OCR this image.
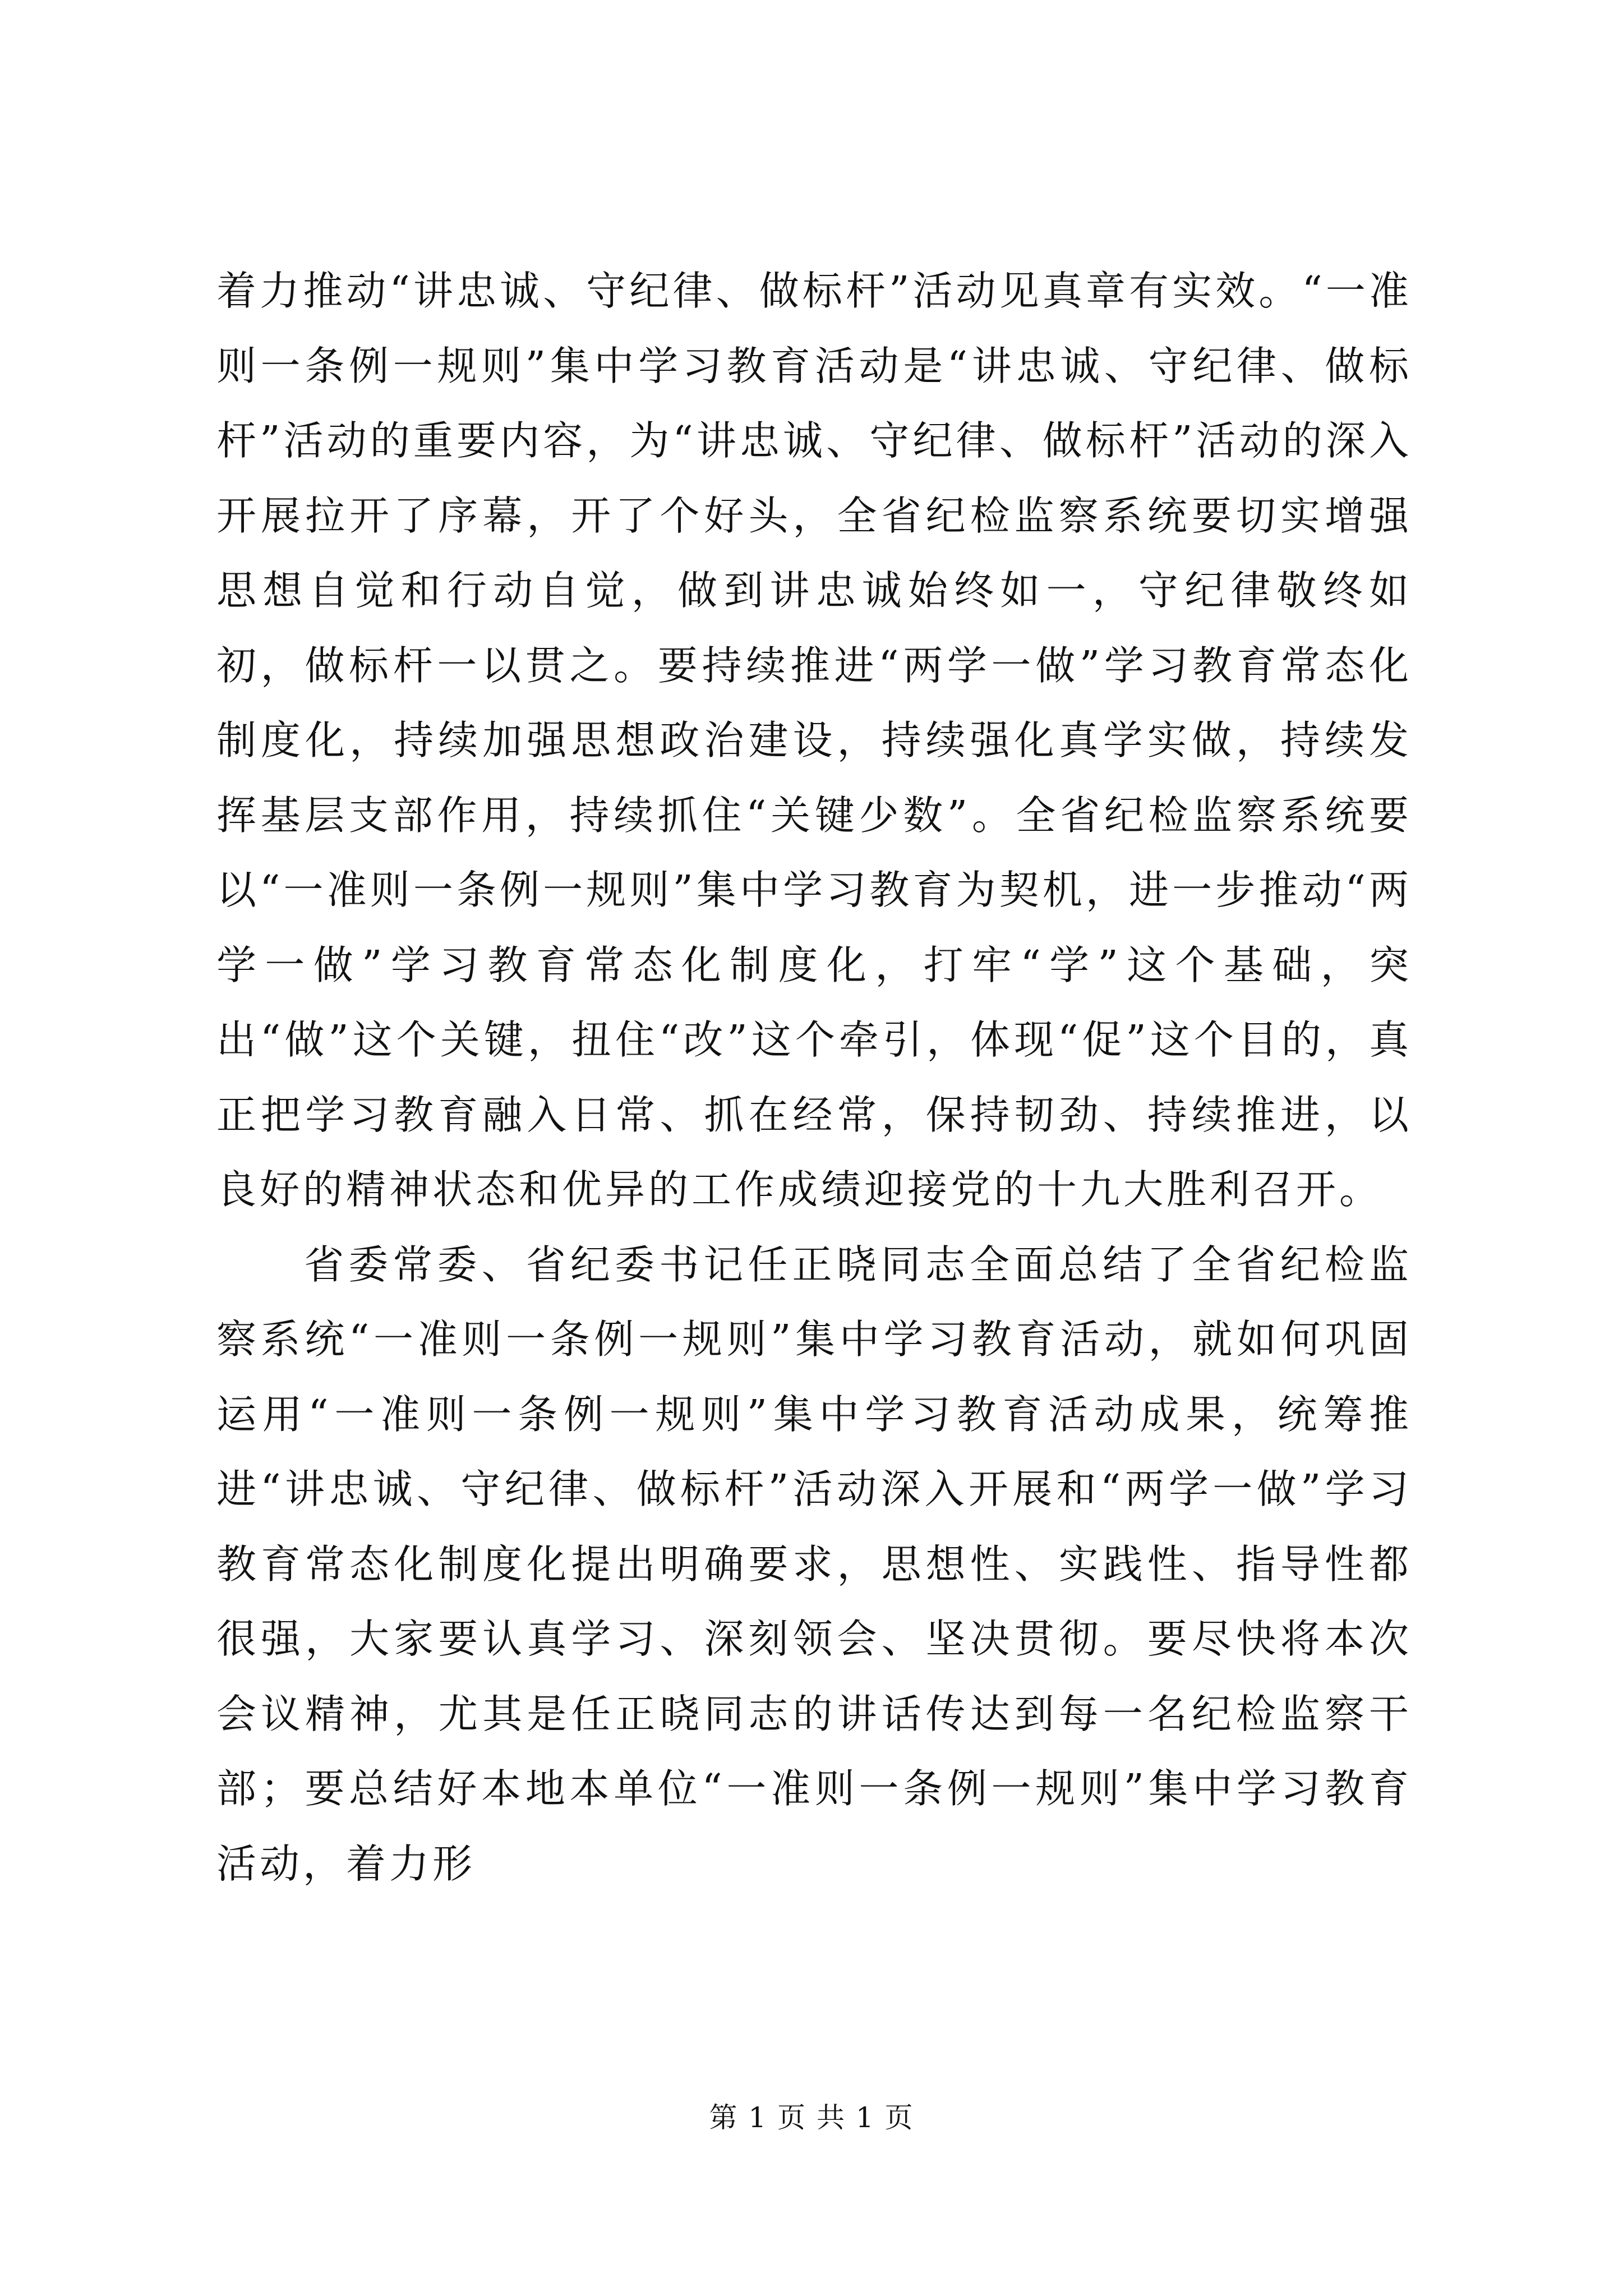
着力推动“讲忠诚、守纪律、做标杆”活动见真章有实效。“一准则一条例一规则”集中学习教育活动是“讲忠诚、守纪律、做标杆”活动的重要内容，为“讲忠诚、守纪律、做标杆”活动的深入开展拉开了序幕，开了个好头，全省纪检监察系统要切实增强思想自觉和行动自觉，做到讲忠诚始终如一，守纪律敬终如初，做标杆一以贯之。要持续推进“两学一做”学习教育常态化制度化，持续加强思想政治建设，持续强化真学实做，持续发挥基层支部作用，持续抓住“关键少数”。全省纪检监察系统要以“一准则一条例一规则”集中学习教育为契机，进一步推动“两学一做”学习教育常态化制度化，打牢“学”这个基础，突出“做”这个关键，扭住“改”这个牵引，体现“促”这个目的，真正把学习教育融入日常、抓在经常，保持韧劲、持续推进，以良好的精神状态和优异的工作成绩迎接党的十九大胜利召开。

省委常委、省纪委书记任正晓同志全面总结了全省纪检监察系统“一准则一条例一规则”集中学习教育活动，就如何巩固运用“一准则一条例一规则”集中学习教育活动成果，统筹推进“讲忠诚、守纪律、做标杆”活动深入开展和“两学一做”学习教育常态化制度化提出明确要求，思想性、实践性、指导性都很强，大家要认真学习、深刻领会、坚决贯彻。要尽快将本次会议精神，尤其是任正晓同志的讲话传达到每一名纪检监察干部；要总结好本地本单位“一准则一条例一规则”集中学习教育活动，着力形

第 1 页 共 1 页
